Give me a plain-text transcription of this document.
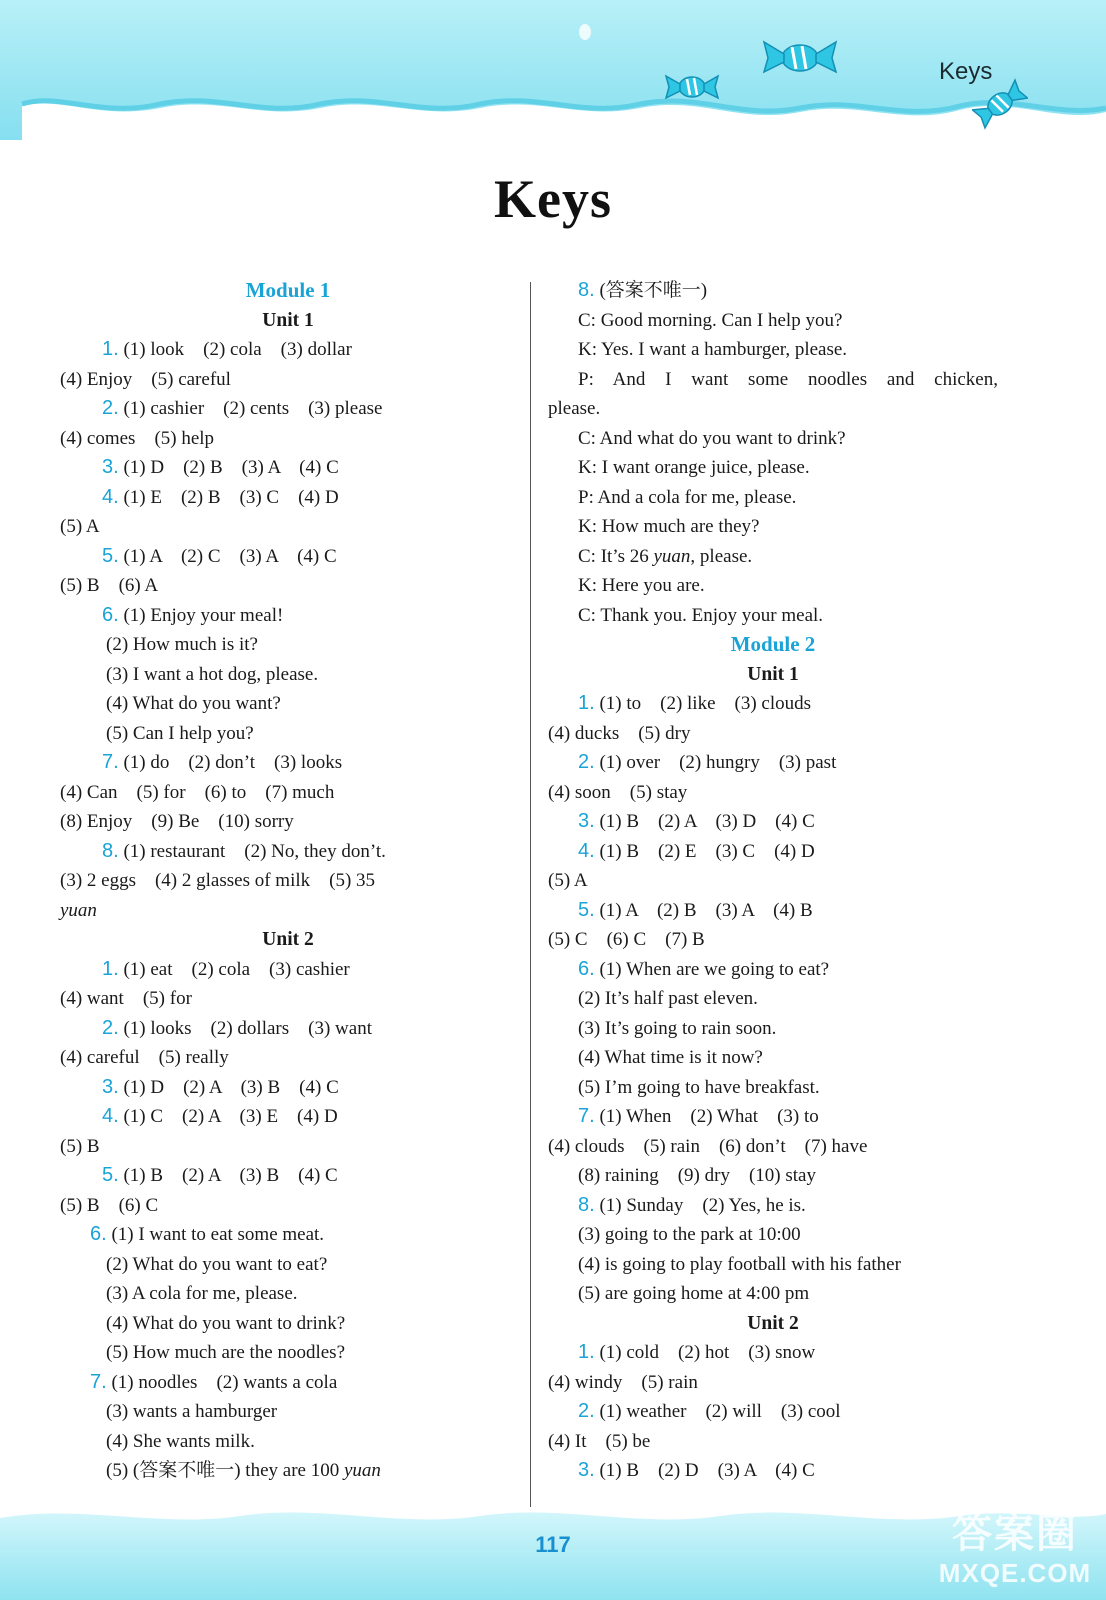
Keys
Keys
Module 1
Unit 1
1. (1) look    (2) cola    (3) dollar
(4) Enjoy    (5) careful
2. (1) cashier    (2) cents    (3) please
(4) comes    (5) help
3. (1) D    (2) B    (3) A    (4) C
4. (1) E    (2) B    (3) C    (4) D
(5) A
5. (1) A    (2) C    (3) A    (4) C
(5) B    (6) A
6. (1) Enjoy your meal!
(2) How much is it?
(3) I want a hot dog, please.
(4) What do you want?
(5) Can I help you?
7. (1) do    (2) don’t    (3) looks
(4) Can    (5) for    (6) to    (7) much
(8) Enjoy    (9) Be    (10) sorry
8. (1) restaurant    (2) No, they don’t.
(3) 2 eggs    (4) 2 glasses of milk    (5) 35
yuan
Unit 2
1. (1) eat    (2) cola    (3) cashier
(4) want    (5) for
2. (1) looks    (2) dollars    (3) want
(4) careful    (5) really
3. (1) D    (2) A    (3) B    (4) C
4. (1) C    (2) A    (3) E    (4) D
(5) B
5. (1) B    (2) A    (3) B    (4) C
(5) B    (6) C
6. (1) I want to eat some meat.
(2) What do you want to eat?
(3) A cola for me, please.
(4) What do you want to drink?
(5) How much are the noodles?
7. (1) noodles    (2) wants a cola
(3) wants a hamburger
(4) She wants milk.
(5) (答案不唯一) they are 100 yuan
8. (答案不唯一)
C: Good morning. Can I help you?
K: Yes. I want a hamburger, please.
P: And I want some noodles and chicken,
please.
C: And what do you want to drink?
K: I want orange juice, please.
P: And a cola for me, please.
K: How much are they?
C: It’s 26 yuan, please.
K: Here you are.
C: Thank you. Enjoy your meal.
Module 2
Unit 1
1. (1) to    (2) like    (3) clouds
(4) ducks    (5) dry
2. (1) over    (2) hungry    (3) past
(4) soon    (5) stay
3. (1) B    (2) A    (3) D    (4) C
4. (1) B    (2) E    (3) C    (4) D
(5) A
5. (1) A    (2) B    (3) A    (4) B
(5) C    (6) C    (7) B
6. (1) When are we going to eat?
(2) It’s half past eleven.
(3) It’s going to rain soon.
(4) What time is it now?
(5) I’m going to have breakfast.
7. (1) When    (2) What    (3) to
(4) clouds    (5) rain    (6) don’t    (7) have
(8) raining    (9) dry    (10) stay
8. (1) Sunday    (2) Yes, he is.
(3) going to the park at 10:00
(4) is going to play football with his father
(5) are going home at 4:00 pm
Unit 2
1. (1) cold    (2) hot    (3) snow
(4) windy    (5) rain
2. (1) weather    (2) will    (3) cool
(4) It    (5) be
3. (1) B    (2) D    (3) A    (4) C
117	答案圈
MXQE.COM
